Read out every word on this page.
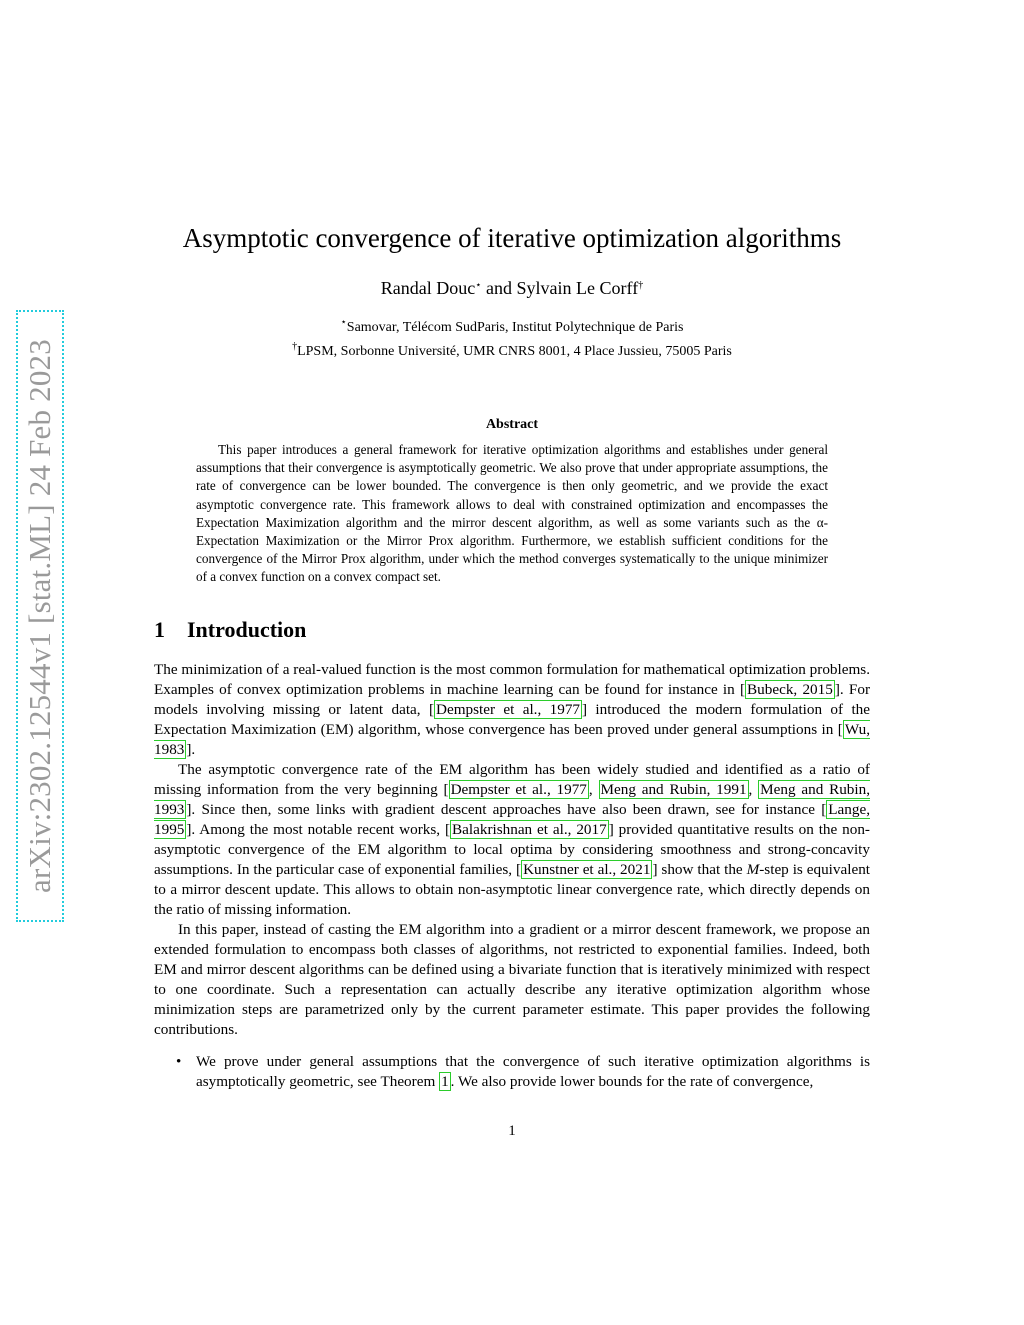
arXiv:2302.12544v1 [stat.ML] 24 Feb 2023
Asymptotic convergence of iterative optimization algorithms
Randal Douc⋆ and Sylvain Le Corff†
⋆Samovar, Télécom SudParis, Institut Polytechnique de Paris
†LPSM, Sorbonne Université, UMR CNRS 8001, 4 Place Jussieu, 75005 Paris
Abstract
This paper introduces a general framework for iterative optimization algorithms and establishes under general assumptions that their convergence is asymptotically geometric. We also prove that under appropriate assumptions, the rate of convergence can be lower bounded. The convergence is then only geometric, and we provide the exact asymptotic convergence rate. This framework allows to deal with constrained optimization and encompasses the Expectation Maximization algorithm and the mirror descent algorithm, as well as some variants such as the α-Expectation Maximization or the Mirror Prox algorithm. Furthermore, we establish sufficient conditions for the convergence of the Mirror Prox algorithm, under which the method converges systematically to the unique minimizer of a convex function on a convex compact set.
1 Introduction

The minimization of a real-valued function is the most common formulation for mathematical optimization problems. Examples of convex optimization problems in machine learning can be found for instance in [ Bubeck, 2015 ]. For models involving missing or latent data, [ Dempster et al., 1977 ] introduced the modern formulation of the Expectation Maximization (EM) algorithm, whose convergence has been proved under general assumptions in [ Wu, 1983 ].

The asymptotic convergence rate of the EM algorithm has been widely studied and identified as a ratio of missing information from the very beginning [ Dempster et al., 1977 , Meng and Rubin, 1991 , Meng and Rubin, 1993 ]. Since then, some links with gradient descent approaches have also been drawn, see for instance [ Lange, 1995 ]. Among the most notable recent works, [ Balakrishnan et al., 2017 ] provided quantitative results on the non-asymptotic convergence of the EM algorithm to local optima by considering smoothness and strong-concavity assumptions. In the particular case of exponential families, [ Kunstner et al., 2021 ] show that the M-step is equivalent to a mirror descent update. This allows to obtain non-asymptotic linear convergence rate, which directly depends on the ratio of missing information.

In this paper, instead of casting the EM algorithm into a gradient or a mirror descent framework, we propose an extended formulation to encompass both classes of algorithms, not restricted to exponential families. Indeed, both EM and mirror descent algorithms can be defined using a bivariate function that is iteratively minimized with respect to one coordinate. Such a representation can actually describe any iterative optimization algorithm whose minimization steps are parametrized only by the current parameter estimate. This paper provides the following contributions.

• We prove under general assumptions that the convergence of such iterative optimization algorithms is asymptotically geometric, see Theorem 1 . We also provide lower bounds for the rate of convergence,
1
